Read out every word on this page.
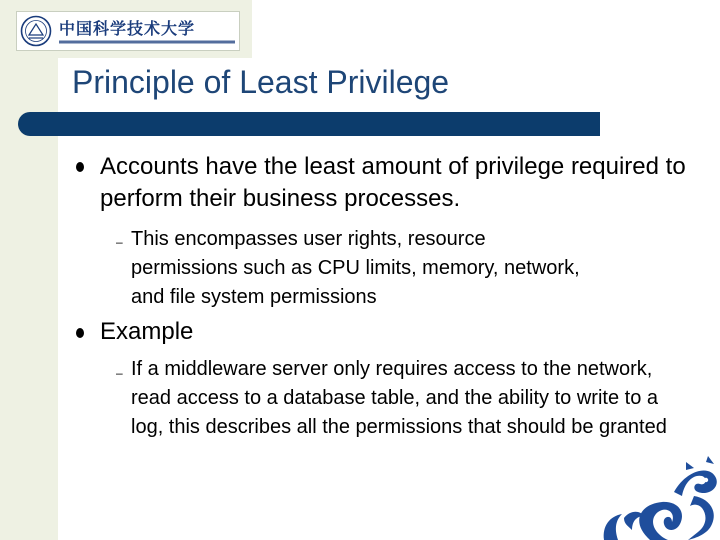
中国科学技术大学
Principle of Least Privilege
Accounts have the least amount of privilege required to perform their business processes.
– This encompasses user rights, resource permissions such as CPU limits, memory, network, and file system permissions
Example
– If a middleware server only requires access to the network, read access to a database table, and the ability to write to a log, this describes all the permissions that should be granted
